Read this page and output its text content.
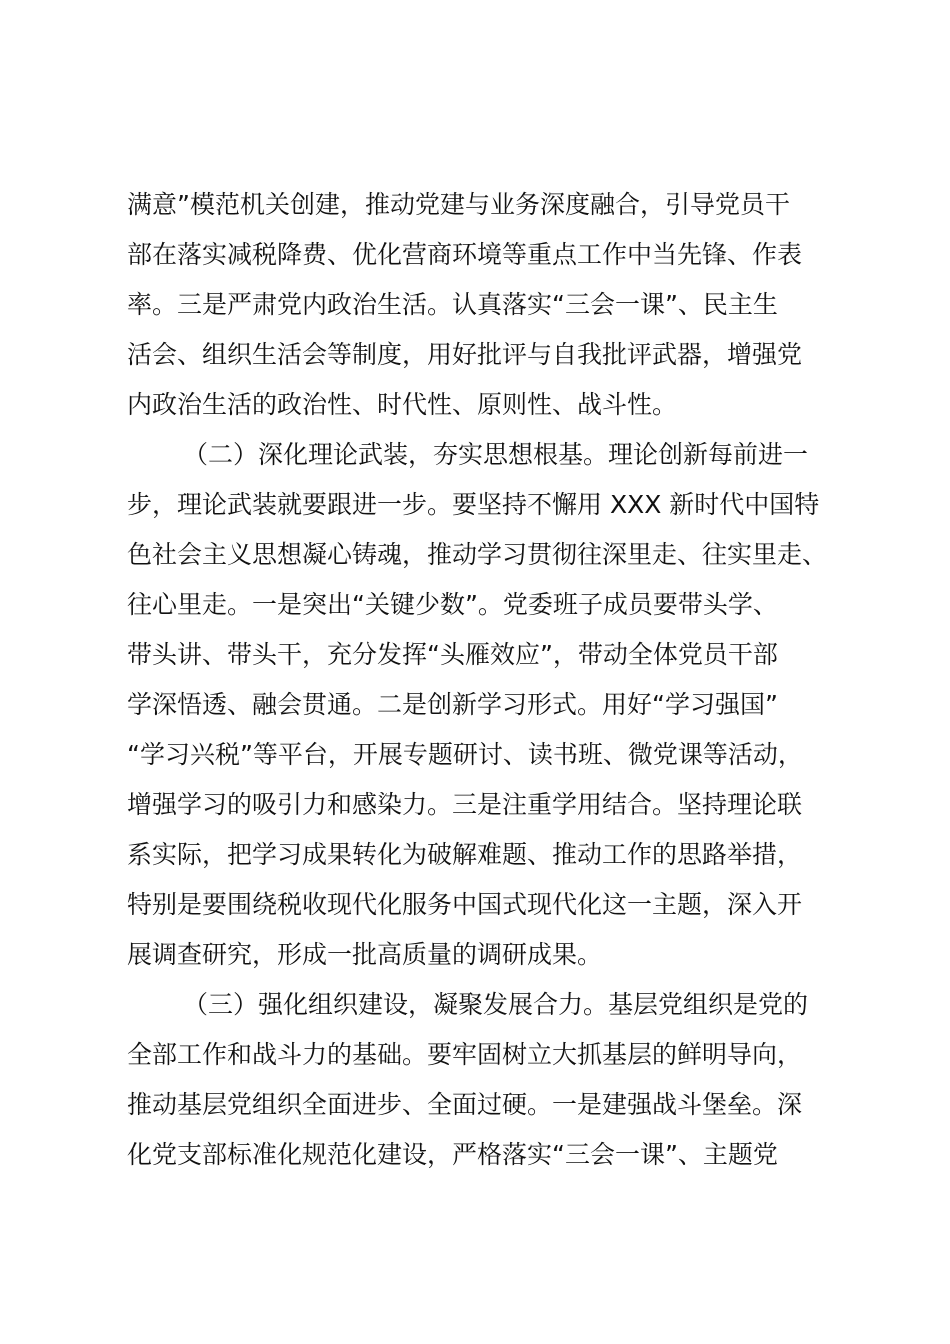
满意”模范机关创建，推动党建与业务深度融合，引导党员干
部在落实减税降费、优化营商环境等重点工作中当先锋、作表
率。三是严肃党内政治生活。认真落实“三会一课”、民主生
活会、组织生活会等制度，用好批评与自我批评武器，增强党
内政治生活的政治性、时代性、原则性、战斗性。

（二）深化理论武装，夯实思想根基。理论创新每前进一
步，理论武装就要跟进一步。要坚持不懈用 XXX 新时代中国特
色社会主义思想凝心铸魂，推动学习贯彻往深里走、往实里走、
往心里走。一是突出“关键少数”。党委班子成员要带头学、
带头讲、带头干，充分发挥“头雁效应”，带动全体党员干部
学深悟透、融会贯通。二是创新学习形式。用好“学习强国”
“学习兴税”等平台，开展专题研讨、读书班、微党课等活动，
增强学习的吸引力和感染力。三是注重学用结合。坚持理论联
系实际，把学习成果转化为破解难题、推动工作的思路举措，
特别是要围绕税收现代化服务中国式现代化这一主题，深入开
展调查研究，形成一批高质量的调研成果。

（三）强化组织建设，凝聚发展合力。基层党组织是党的
全部工作和战斗力的基础。要牢固树立大抓基层的鲜明导向，
推动基层党组织全面进步、全面过硬。一是建强战斗堡垒。深
化党支部标准化规范化建设，严格落实“三会一课”、主题党
